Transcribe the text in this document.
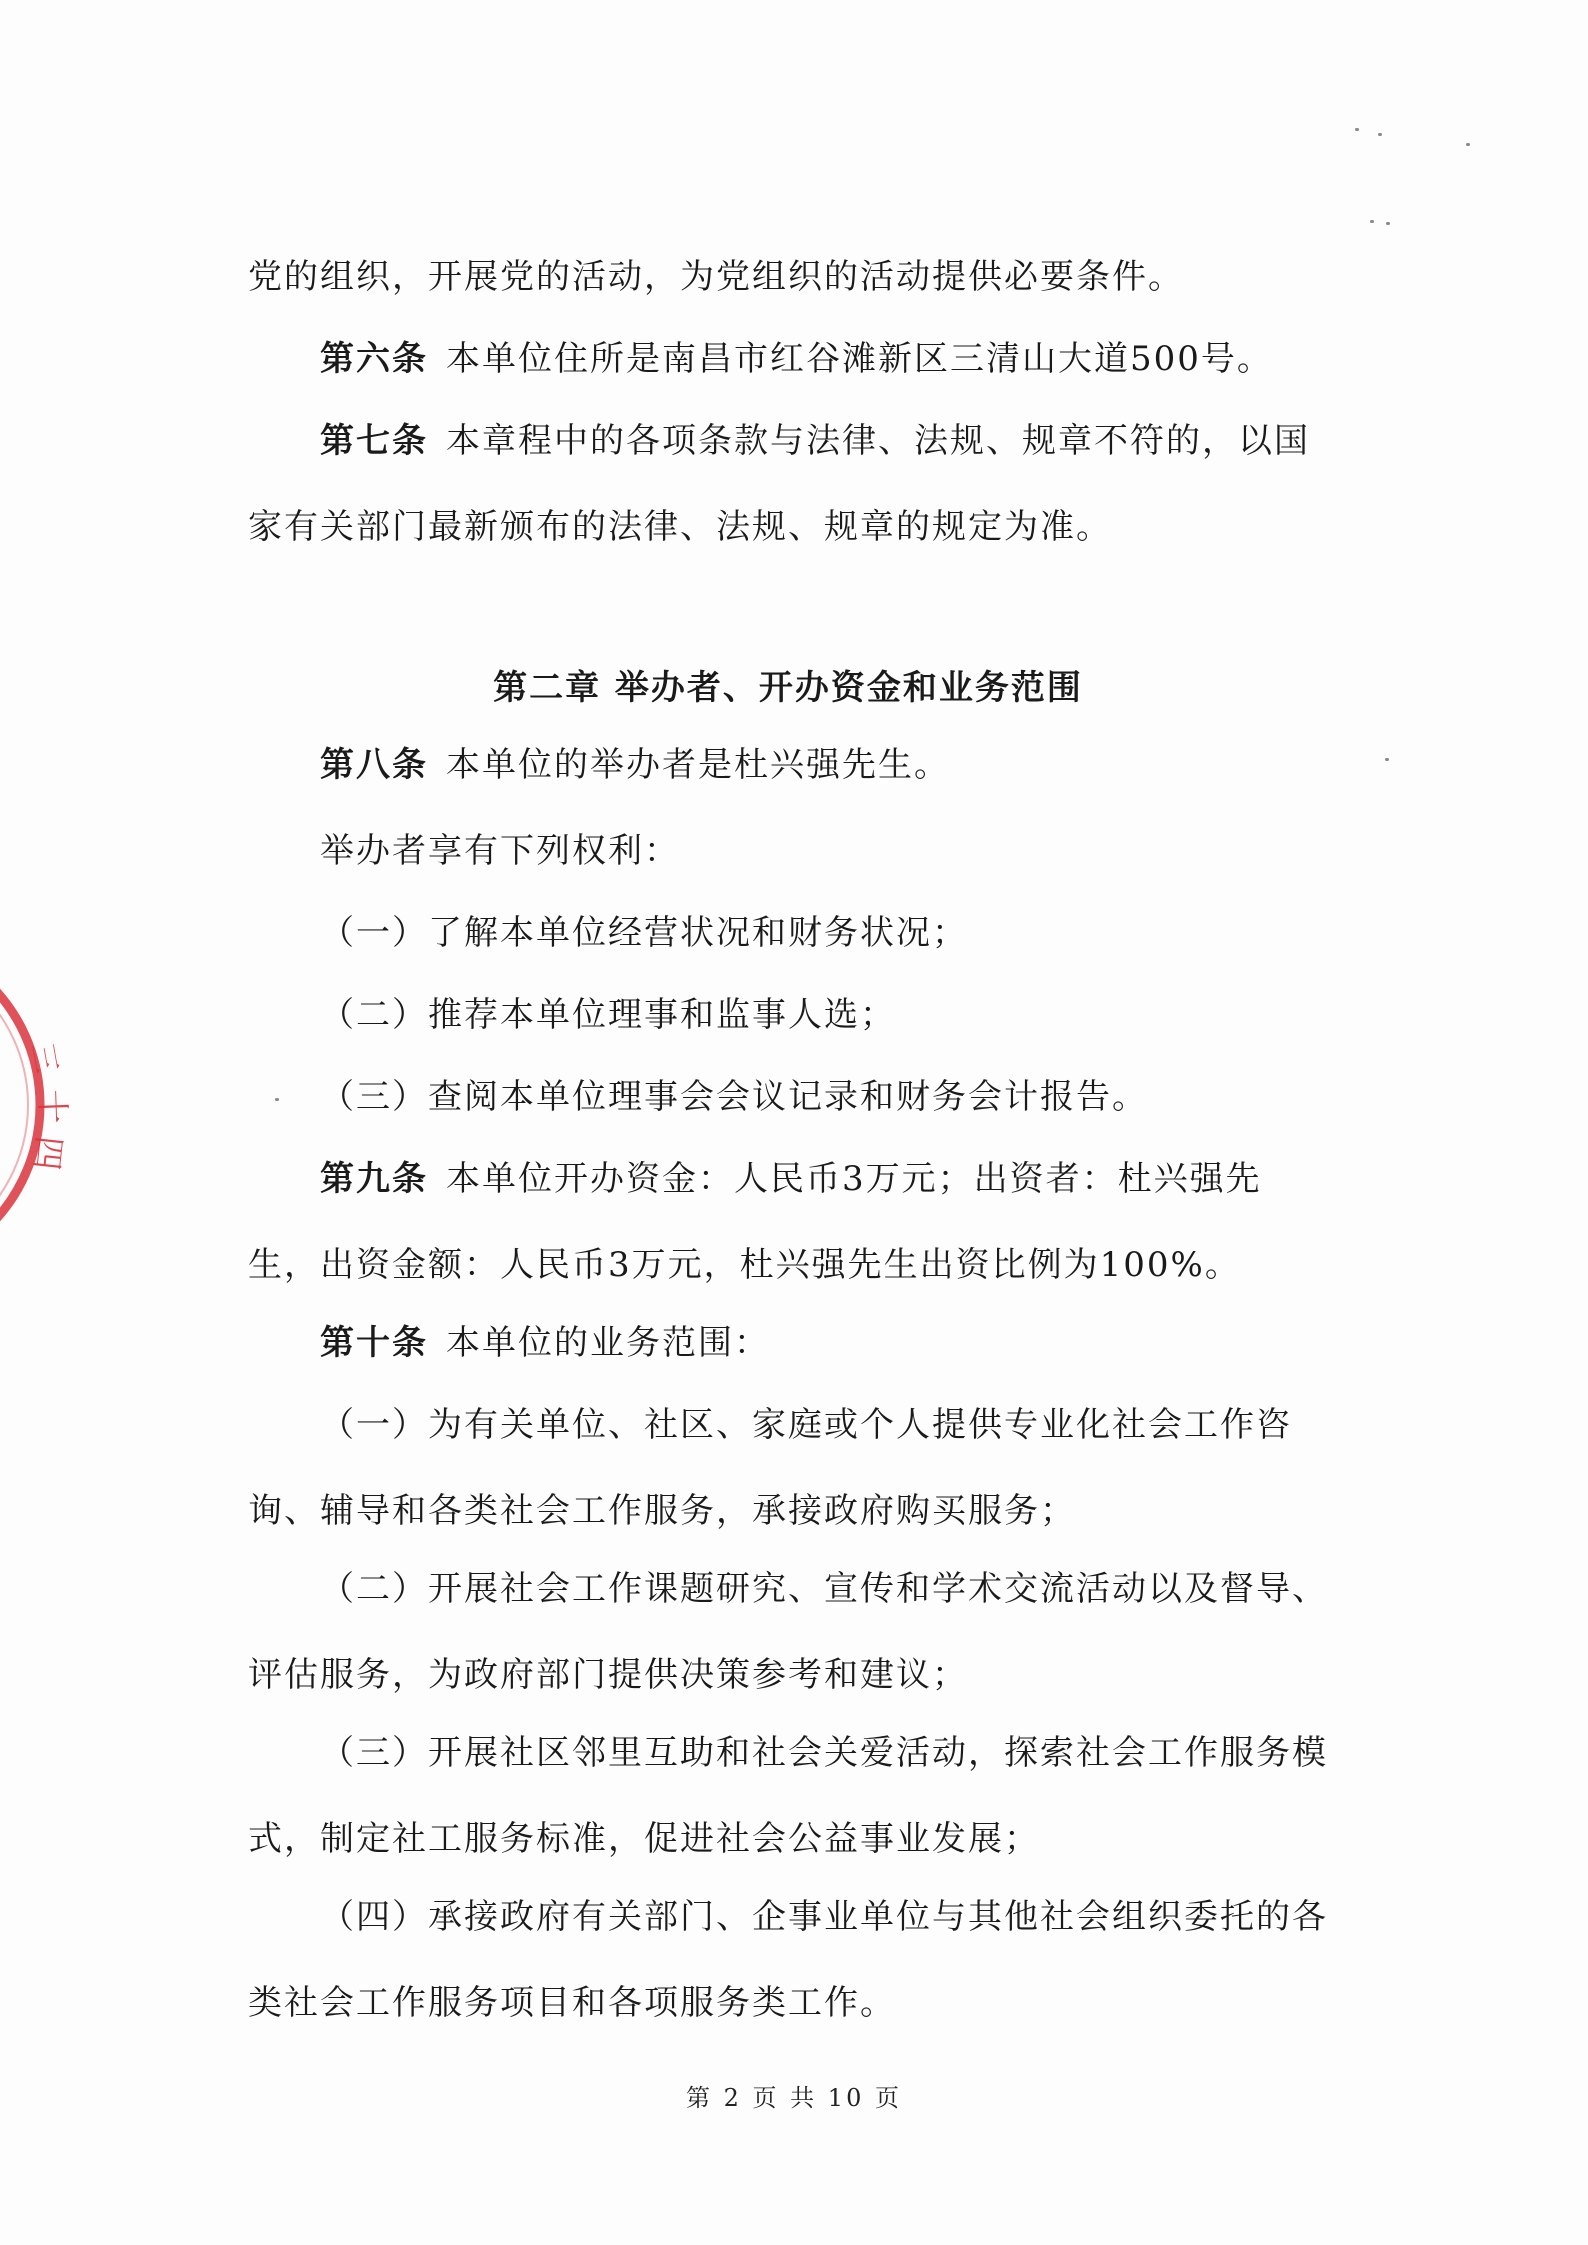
三
十
四
党的组织，开展党的活动，为党组织的活动提供必要条件。
第六条 本单位住所是南昌市红谷滩新区三清山大道500号。
第七条 本章程中的各项条款与法律、法规、规章不符的，以国家有关部门最新颁布的法律、法规、规章的规定为准。
第二章 举办者、开办资金和业务范围
第八条 本单位的举办者是杜兴强先生。
举办者享有下列权利：
（一）了解本单位经营状况和财务状况；
（二）推荐本单位理事和监事人选；
（三）查阅本单位理事会会议记录和财务会计报告。
第九条 本单位开办资金：人民币3万元；出资者：杜兴强先生，出资金额：人民币3万元，杜兴强先生出资比例为100%。
第十条 本单位的业务范围：
（一）为有关单位、社区、家庭或个人提供专业化社会工作咨询、辅导和各类社会工作服务，承接政府购买服务；
（二）开展社会工作课题研究、宣传和学术交流活动以及督导、评估服务，为政府部门提供决策参考和建议；
（三）开展社区邻里互助和社会关爱活动，探索社会工作服务模式，制定社工服务标准，促进社会公益事业发展；
（四）承接政府有关部门、企事业单位与其他社会组织委托的各类社会工作服务项目和各项服务类工作。
第 2 页 共 10 页
